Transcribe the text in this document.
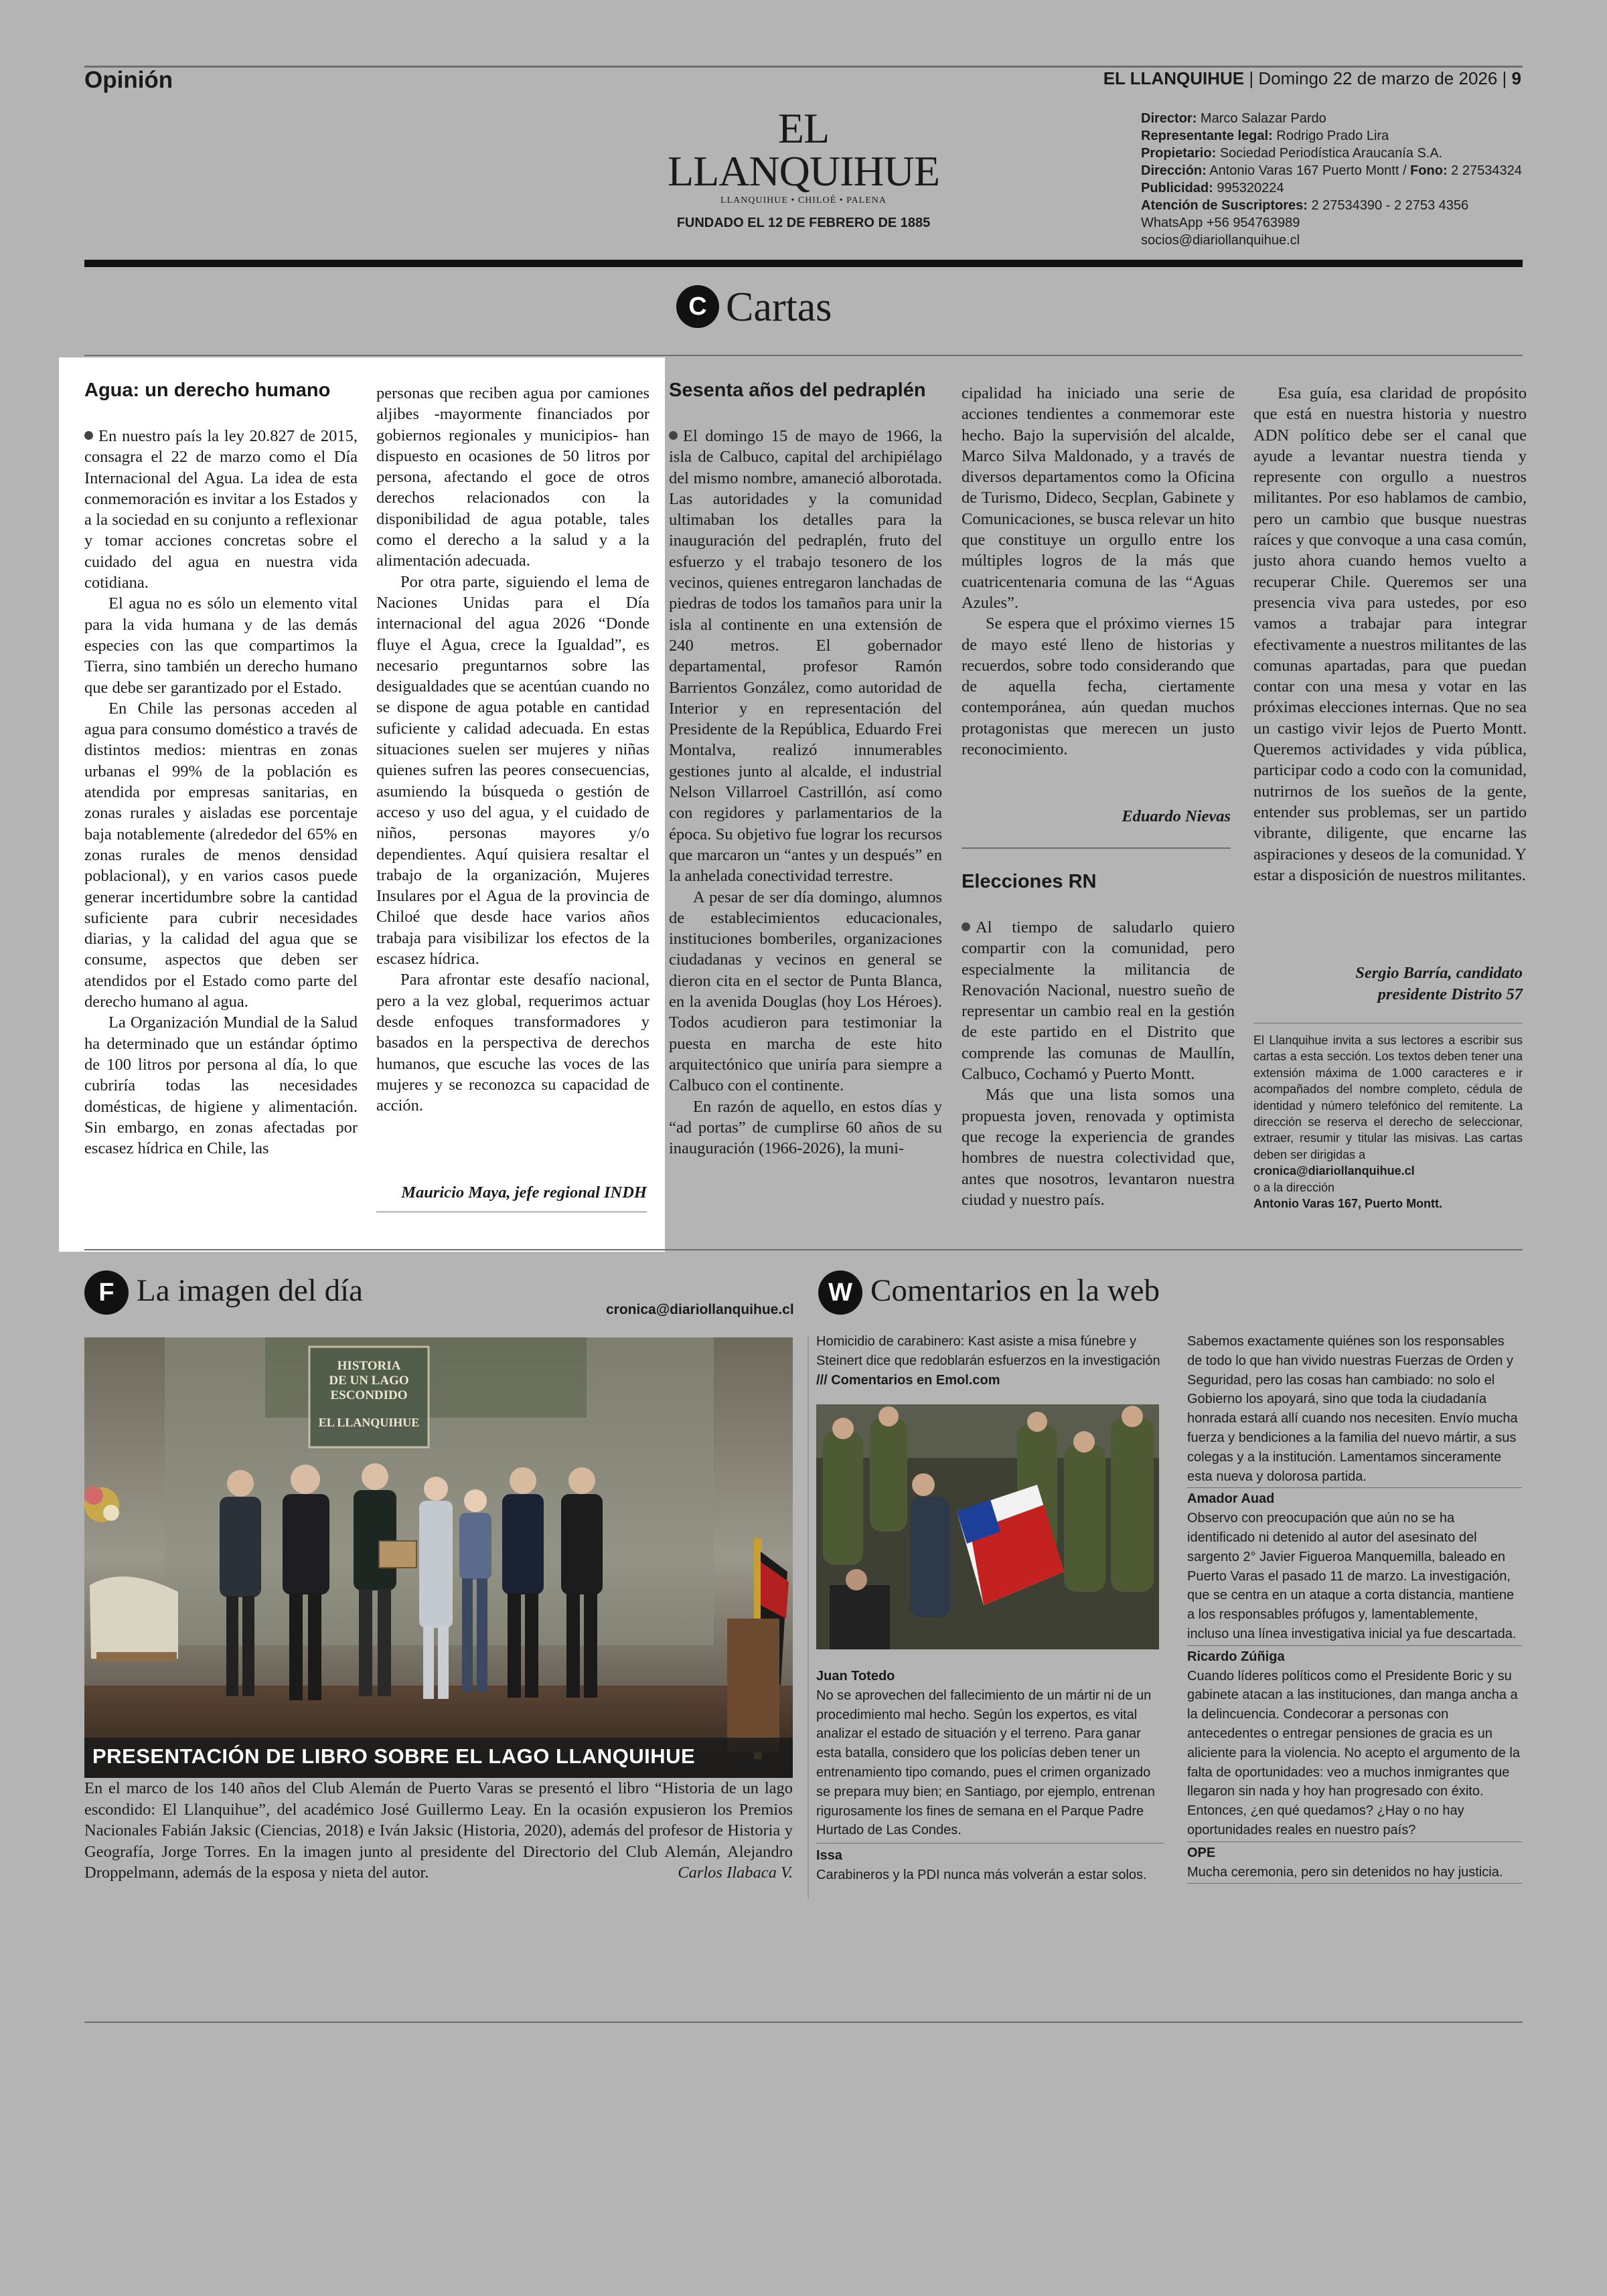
Opinión	EL LLANQUIHUE | Domingo 22 de marzo de 2026 | 9
EL LLANQUIHUE
LLANQUIHUE • CHILOÉ • PALENA
FUNDADO EL 12 DE FEBRERO DE 1885

Director: Marco Salazar Pardo

Representante legal: Rodrigo Prado Lira

Propietario: Sociedad Periodística Araucanía S.A.

Dirección: Antonio Varas 167 Puerto Montt / Fono: 2 27534324

Publicidad: 995320224

Atención de Suscriptores: 2 27534390 - 2 2753 4356

WhatsApp +56 954763989

socios@diariollanquihue.cl

C Cartas
Agua: un derecho humano

En nuestro país la ley 20.827 de 2015, consagra el 22 de marzo como el Día Internacional del Agua. La idea de esta conmemoración es invitar a los Estados y a la sociedad en su conjunto a reflexionar y tomar acciones concretas sobre el cuidado del agua en nuestra vida cotidiana.

El agua no es sólo un elemento vital para la vida humana y de las demás especies con las que compartimos la Tierra, sino también un derecho humano que debe ser garantizado por el Estado.

En Chile las personas acceden al agua para consumo doméstico a través de distintos medios: mientras en zonas urbanas el 99% de la población es atendida por empresas sanitarias, en zonas rurales y aisladas ese porcentaje baja notablemente (alrededor del 65% en zonas rurales de menos densidad poblacional), y en varios casos puede generar incertidumbre sobre la cantidad suficiente para cubrir necesidades diarias, y la calidad del agua que se consume, aspectos que deben ser atendidos por el Estado como parte del derecho humano al agua.

La Organización Mundial de la Salud ha determinado que un estándar óptimo de 100 litros por persona al día, lo que cubriría todas las necesidades domésticas, de higiene y alimentación. Sin embargo, en zonas afectadas por escasez hídrica en Chile, las

personas que reciben agua por camiones aljibes -mayormente financiados por gobiernos regionales y municipios- han dispuesto en ocasiones de 50 litros por persona, afectando el goce de otros derechos relacionados con la disponibilidad de agua potable, tales como el derecho a la salud y a la alimentación adecuada.

Por otra parte, siguiendo el lema de Naciones Unidas para el Día internacional del agua 2026 “Donde fluye el Agua, crece la Igualdad”, es necesario preguntarnos sobre las desigualdades que se acentúan cuando no se dispone de agua potable en cantidad suficiente y calidad adecuada. En estas situaciones suelen ser mujeres y niñas quienes sufren las peores consecuencias, asumiendo la búsqueda o gestión de acceso y uso del agua, y el cuidado de niños, personas mayores y/o dependientes. Aquí quisiera resaltar el trabajo de la organización, Mujeres Insulares por el Agua de la provincia de Chiloé que desde hace varios años trabaja para visibilizar los efectos de la escasez hídrica.

Para afrontar este desafío nacional, pero a la vez global, requerimos actuar desde enfoques transformadores y basados en la perspectiva de derechos humanos, que escuche las voces de las mujeres y se reconozca su capacidad de acción.

Mauricio Maya, jefe regional INDH
Sesenta años del pedraplén

El domingo 15 de mayo de 1966, la isla de Calbuco, capital del archipiélago del mismo nombre, amaneció alborotada. Las autoridades y la comunidad ultimaban los detalles para la inauguración del pedraplén, fruto del esfuerzo y el trabajo tesonero de los vecinos, quienes entregaron lanchadas de piedras de todos los tamaños para unir la isla al continente en una extensión de 240 metros. El gobernador departamental, profesor Ramón Barrientos González, como autoridad de Interior y en representación del Presidente de la República, Eduardo Frei Montalva, realizó innumerables gestiones junto al alcalde, el industrial Nelson Villarroel Castrillón, así como con regidores y parlamentarios de la época. Su objetivo fue lograr los recursos que marcaron un “antes y un después” en la anhelada conectividad terrestre.

A pesar de ser día domingo, alumnos de establecimientos educacionales, instituciones bomberiles, organizaciones ciudadanas y vecinos en general se dieron cita en el sector de Punta Blanca, en la avenida Douglas (hoy Los Héroes). Todos acudieron para testimoniar la puesta en marcha de este hito arquitectónico que uniría para siempre a Calbuco con el continente.

En razón de aquello, en estos días y “ad portas” de cumplirse 60 años de su inauguración (1966-2026), la muni-

cipalidad ha iniciado una serie de acciones tendientes a conmemorar este hecho. Bajo la supervisión del alcalde, Marco Silva Maldonado, y a través de diversos departamentos como la Oficina de Turismo, Dideco, Secplan, Gabinete y Comunicaciones, se busca relevar un hito que constituye un orgullo entre los múltiples logros de la más que cuatricentenaria comuna de las “Aguas Azules”.

Se espera que el próximo viernes 15 de mayo esté lleno de historias y recuerdos, sobre todo considerando que de aquella fecha, ciertamente contemporánea, aún quedan muchos protagonistas que merecen un justo reconocimiento.

Eduardo Nievas
Elecciones RN

Al tiempo de saludarlo quiero compartir con la comunidad, pero especialmente la militancia de Renovación Nacional, nuestro sueño de representar un cambio real en la gestión de este partido en el Distrito que comprende las comunas de Maullín, Calbuco, Cochamó y Puerto Montt.

Más que una lista somos una propuesta joven, renovada y optimista que recoge la experiencia de grandes hombres de nuestra colectividad que, antes que nosotros, levantaron nuestra ciudad y nuestro país.

Esa guía, esa claridad de propósito que está en nuestra historia y nuestro ADN político debe ser el canal que ayude a levantar nuestra tienda y represente con orgullo a nuestros militantes. Por eso hablamos de cambio, pero un cambio que busque nuestras raíces y que convoque a una casa común, justo ahora cuando hemos vuelto a recuperar Chile. Queremos ser una presencia viva para ustedes, por eso vamos a trabajar para integrar efectivamente a nuestros militantes de las comunas apartadas, para que puedan contar con una mesa y votar en las próximas elecciones internas. Que no sea un castigo vivir lejos de Puerto Montt. Queremos actividades y vida pública, participar codo a codo con la comunidad, nutrirnos de los sueños de la gente, entender sus problemas, ser un partido vibrante, diligente, que encarne las aspiraciones y deseos de la comunidad. Y estar a disposición de nuestros militantes.

Sergio Barría, candidato
presidente Distrito 57
El Llanquihue invita a sus lectores a escribir sus cartas a esta sección. Los textos deben tener una extensión máxima de 1.000 caracteres e ir acompañados del nombre completo, cédula de identidad y número telefónico del remitente. La dirección se reserva el derecho de seleccionar, extraer, resumir y titular las misivas. Las cartas deben ser dirigidas a
cronica@diariollanquihue.cl
o a la dirección
Antonio Varas 167, Puerto Montt.
F La imagen del día
cronica@diariollanquihue.cl
HISTORIA
DE UN LAGO
ESCONDIDO
EL LLANQUIHUE
PRESENTACIÓN DE LIBRO SOBRE EL LAGO LLANQUIHUE
En el marco de los 140 años del Club Alemán de Puerto Varas se presentó el libro “Historia de un lago escondido: El Llanquihue”, del académico José Guillermo Leay. En la ocasión expusieron los Premios Nacionales Fabián Jaksic (Ciencias, 2018) e Iván Jaksic (Historia, 2020), además del profesor de Historia y Geografía, Jorge Torres. En la imagen junto al presidente del Directorio del Club Alemán, Alejandro Droppelmann, además de la esposa y nieta del autor.	Carlos Ilabaca V.
W Comentarios en la web

Homicidio de carabinero: Kast asiste a misa fúnebre y Steinert dice que redoblarán esfuerzos en la investigación /// Comentarios en Emol.com

Juan Totedo

No se aprovechen del fallecimiento de un mártir ni de un procedimiento mal hecho. Según los expertos, es vital analizar el estado de situación y el terreno. Para ganar esta batalla, considero que los policías deben tener un entrenamiento tipo comando, pues el crimen organizado se prepara muy bien; en Santiago, por ejemplo, entrenan rigurosamente los fines de semana en el Parque Padre Hurtado de Las Condes.

Issa

Carabineros y la PDI nunca más volverán a estar solos.

Sabemos exactamente quiénes son los responsables de todo lo que han vivido nuestras Fuerzas de Orden y Seguridad, pero las cosas han cambiado: no solo el Gobierno los apoyará, sino que toda la ciudadanía honrada estará allí cuando nos necesiten. Envío mucha fuerza y bendiciones a la familia del nuevo mártir, a sus colegas y a la institución. Lamentamos sinceramente esta nueva y dolorosa partida.

Amador Auad

Observo con preocupación que aún no se ha identificado ni detenido al autor del asesinato del sargento 2° Javier Figueroa Manquemilla, baleado en Puerto Varas el pasado 11 de marzo. La investigación, que se centra en un ataque a corta distancia, mantiene a los responsables prófugos y, lamentablemente, incluso una línea investigativa inicial ya fue descartada.

Ricardo Zúñiga

Cuando líderes políticos como el Presidente Boric y su gabinete atacan a las instituciones, dan manga ancha a la delincuencia. Condecorar a personas con antecedentes o entregar pensiones de gracia es un aliciente para la violencia. No acepto el argumento de la falta de oportunidades: veo a muchos inmigrantes que llegaron sin nada y hoy han progresado con éxito. Entonces, ¿en qué quedamos? ¿Hay o no hay oportunidades reales en nuestro país?

OPE

Mucha ceremonia, pero sin detenidos no hay justicia.
